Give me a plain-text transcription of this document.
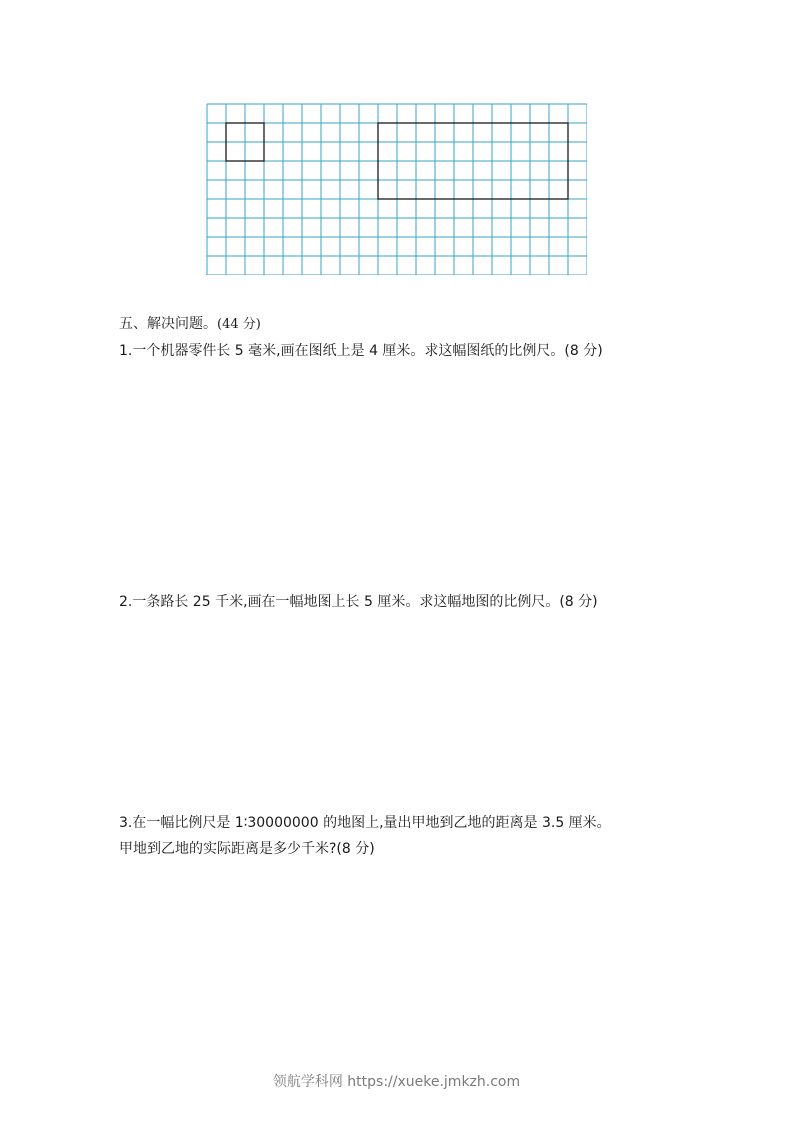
五、解决问题。(44 分)
1.一个机器零件长 5 毫米,画在图纸上是 4 厘米。求这幅图纸的比例尺。(8 分)
2.一条路长 25 千米,画在一幅地图上长 5 厘米。求这幅地图的比例尺。(8 分)
3.在一幅比例尺是 1∶30000000 的地图上,量出甲地到乙地的距离是 3.5 厘米。
甲地到乙地的实际距离是多少千米?(8 分)
领航学科网 https://xueke.jmkzh.com
